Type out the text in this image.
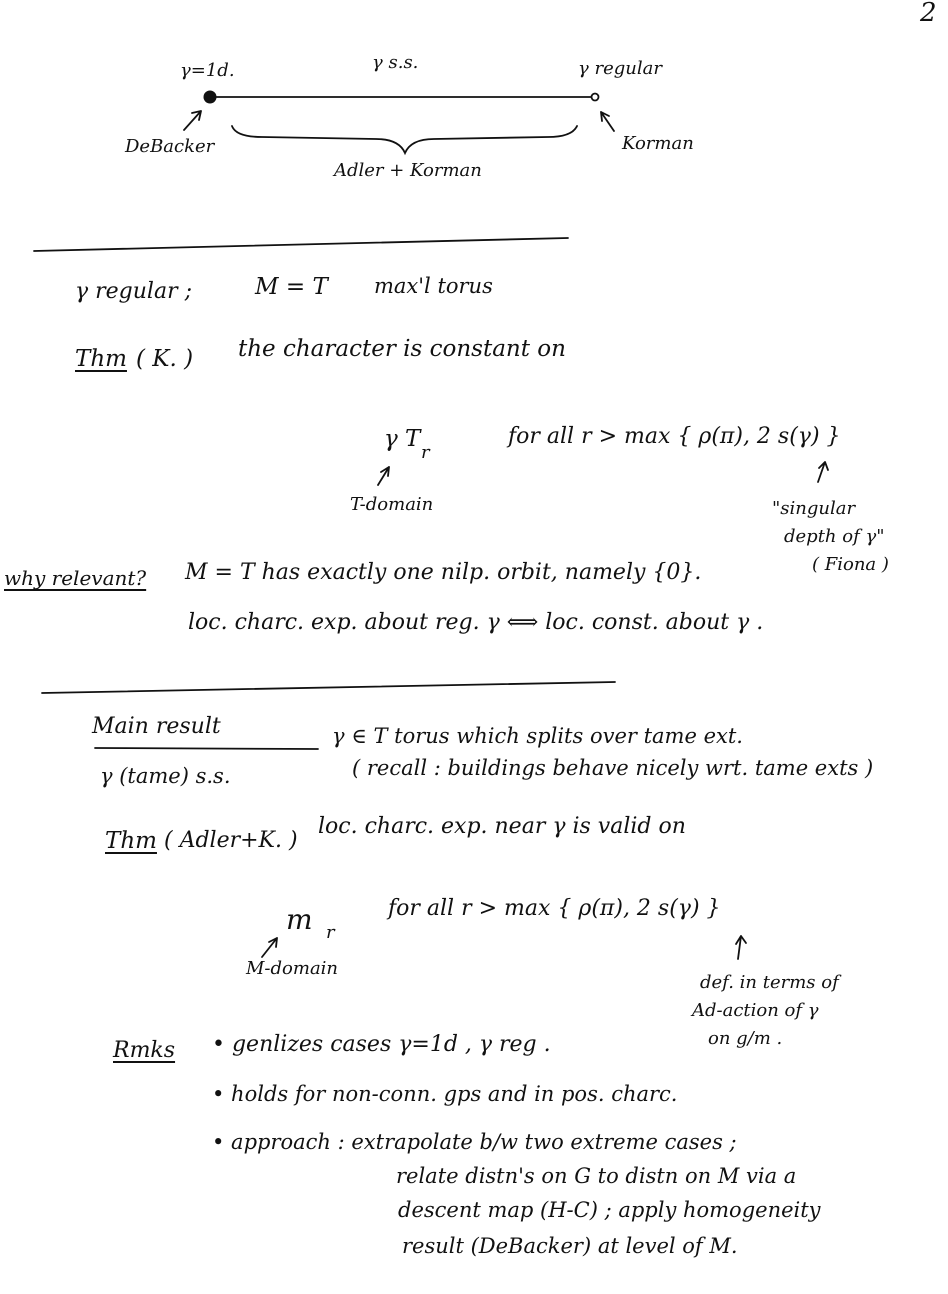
2
γ=1d.	γ s.s.	γ regular
DeBacker	Korman
Adler + Korman
γ regular ;	M = T max'l torus
Thm ( K. ) the character is constant on
γ T
r
for all r > max { ρ(π), 2 s(γ) }
T-domain	"singular
depth of γ"
( Fiona )
why relevant? M = T has exactly one nilp. orbit, namely {0}.
loc. charc. exp. about reg. γ ⟺ loc. const. about γ .
Main result
γ (tame) s.s.
γ ∈ T torus which splits over tame ext.
( recall : buildings behave nicely wrt. tame exts )
Thm ( Adler+K. )
loc. charc. exp. near γ is valid on
m r
for all r > max { ρ(π), 2 s(γ) }
M-domain
def. in terms of
Ad-action of γ
on g/m .
Rmks • genlizes cases γ=1d , γ reg .
• holds for non-conn. gps and in pos. charc.
• approach : extrapolate b/w two extreme cases ;
relate distn's on G to distn on M via a
descent map (H-C) ; apply homogeneity
result (DeBacker) at level of M.
